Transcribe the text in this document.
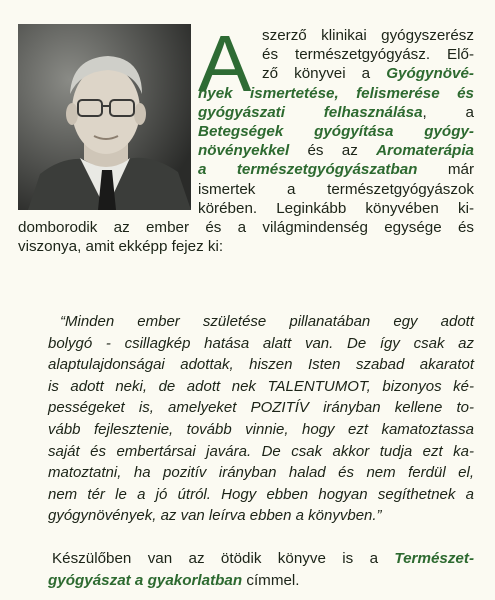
A szerző klinikai gyógyszerész
és természetgyógyász. Elő-
ző könyvei a Gyógynövé-
nyek ismertetése, felismerése és
gyógyászati felhasználása, a
Betegségek gyógyítása gyógy-
növényekkel és az Aromaterápia
a természetgyógyászatban már
ismertek a természetgyógyászok
körében. Leginkább könyvében ki-
domborodik az ember és a világmindenség egysége és
viszonya, amit ekképp fejez ki:
“Minden ember születése pillanatában egy adott
bolygó - csillagkép hatása alatt van. De így csak az
alaptulajdonságai adottak, hiszen Isten szabad akaratot
is adott neki, de adott nek TALENTUMOT, bizonyos ké-
pességeket is, amelyeket POZITÍV irányban kellene to-
vább fejlesztenie, tovább vinnie, hogy ezt kamatoztassa
saját és embertársai javára. De csak akkor tudja ezt ka-
matoztatni, ha pozitív irányban halad és nem ferdül el,
nem tér le a jó útról. Hogy ebben hogyan segíthetnek a
gyógynövények, az van leírva ebben a könyvben.”
Készülőben van az ötödik könyve is a Természet-
gyógyászat a gyakorlatban címmel.
